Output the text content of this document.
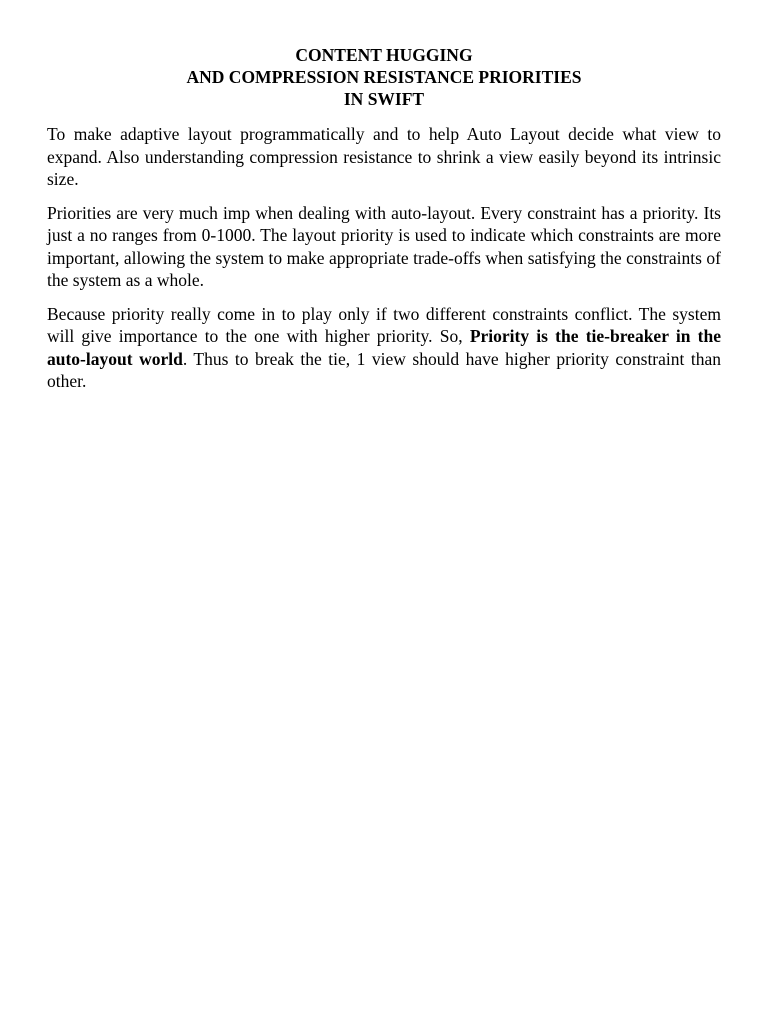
CONTENT HUGGING
AND COMPRESSION RESISTANCE PRIORITIES
IN SWIFT

To make adaptive layout programmatically and to help Auto Layout decide what view to expand. Also understanding compression resistance to shrink a view easily beyond its intrinsic size.

Priorities are very much imp when dealing with auto-layout. Every constraint has a priority. Its just a no ranges from 0-1000. The layout priority is used to indicate which constraints are more important, allowing the system to make appropriate trade-offs when satisfying the constraints of the system as a whole.

Because priority really come in to play only if two different constraints conflict. The system will give importance to the one with higher priority. So, Priority is the tie-breaker in the auto-layout world. Thus to break the tie, 1 view should have higher priority constraint than other.
